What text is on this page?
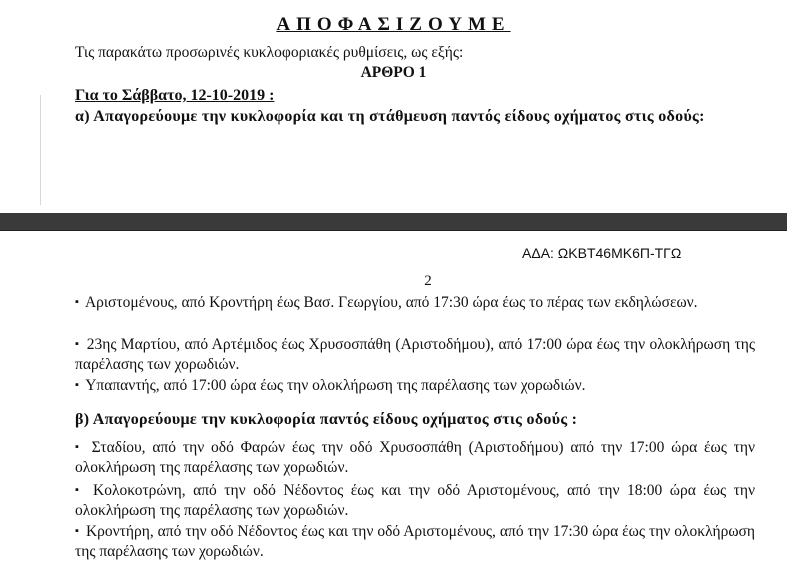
ΑΠΟΦΑΣΙΖΟΥΜΕ
Τις παρακάτω προσωρινές κυκλοφοριακές ρυθμίσεις, ως εξής:
ΑΡΘΡΟ 1
Για το Σάββατο, 12-10-2019 :
α) Απαγορεύουμε την κυκλοφορία και τη στάθμευση παντός είδους οχήματος στις οδούς:
ΑΔΑ: ΩΚΒΤ46ΜΚ6Π-ΤΓΩ
2
▪ Αριστομένους, από Κροντήρη έως Βασ. Γεωργίου, από 17:30 ώρα έως το πέρας των εκδηλώσεων.
▪ 23ης Μαρτίου, από Αρτέμιδος έως Χρυσοσπάθη (Αριστοδήμου), από 17:00 ώρα έως την ολοκλήρωση της παρέλασης των χορωδιών.
▪ Υπαπαντής, από 17:00 ώρα έως την ολοκλήρωση της παρέλασης των χορωδιών.
β) Απαγορεύουμε την κυκλοφορία παντός είδους οχήματος στις οδούς :
▪ Σταδίου, από την οδό Φαρών έως την οδό Χρυσοσπάθη (Αριστοδήμου) από την 17:00 ώρα έως την ολοκλήρωση της παρέλασης των χορωδιών.
▪ Κολοκοτρώνη, από την οδό Νέδοντος έως και την οδό Αριστομένους, από την 18:00 ώρα έως την ολοκλήρωση της παρέλασης των χορωδιών.
▪ Κροντήρη, από την οδό Νέδοντος έως και την οδό Αριστομένους, από την 17:30 ώρα έως την ολοκλήρωση της παρέλασης των χορωδιών.
